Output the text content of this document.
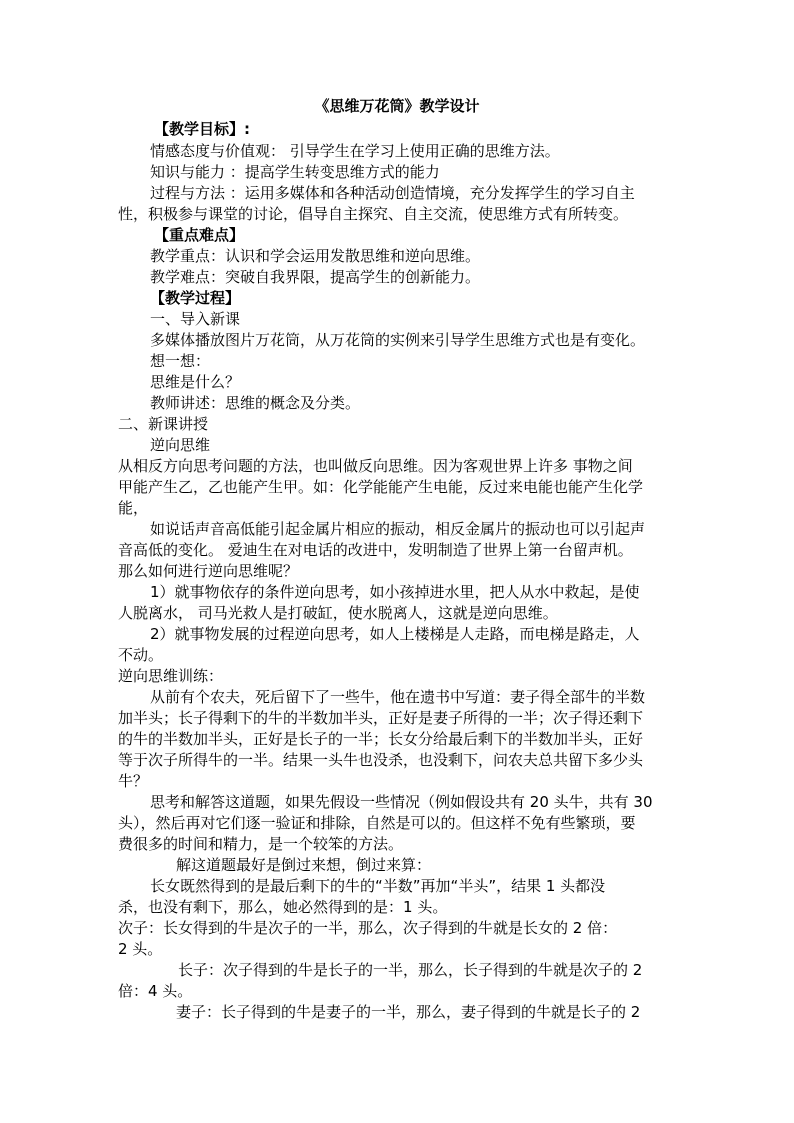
《思维万花筒》教学设计
【教学目标】:
情感态度与价值观： 引导学生在学习上使用正确的思维方法。
知识与能力 ：提高学生转变思维方式的能力
过程与方法 ：运用多媒体和各种活动创造情境，充分发挥学生的学习自主
性，积极参与课堂的讨论，倡导自主探究、自主交流，使思维方式有所转变。
【重点难点】
教学重点：认识和学会运用发散思维和逆向思维。
教学难点：突破自我界限，提高学生的创新能力。
【教学过程】
一、导入新课
多媒体播放图片万花筒，从万花筒的实例来引导学生思维方式也是有变化。
想一想：
思维是什么？
教师讲述：思维的概念及分类。
二、新课讲授
逆向思维
从相反方向思考问题的方法，也叫做反向思维。因为客观世界上许多 事物之间
甲能产生乙，乙也能产生甲。如：化学能能产生电能，反过来电能也能产生化学
能，
如说话声音高低能引起金属片相应的振动，相反金属片的振动也可以引起声
音高低的变化。 爱迪生在对电话的改进中，发明制造了世界上第一台留声机。
那么如何进行逆向思维呢？
1）就事物依存的条件逆向思考，如小孩掉进水里，把人从水中救起，是使
人脱离水， 司马光救人是打破缸，使水脱离人，这就是逆向思维。
2）就事物发展的过程逆向思考，如人上楼梯是人走路，而电梯是路走，人
不动。
逆向思维训练：
从前有个农夫，死后留下了一些牛，他在遗书中写道：妻子得全部牛的半数
加半头；长子得剩下的牛的半数加半头，正好是妻子所得的一半；次子得还剩下
的牛的半数加半头，正好是长子的一半；长女分给最后剩下的半数加半头，正好
等于次子所得牛的一半。结果一头牛也没杀，也没剩下，问农夫总共留下多少头
牛？
思考和解答这道题，如果先假设一些情况（例如假设共有 20 头牛，共有 30
头），然后再对它们逐一验证和排除，自然是可以的。但这样不免有些繁琐，要
费很多的时间和精力，是一个较笨的方法。
解这道题最好是倒过来想，倒过来算：
长女既然得到的是最后剩下的牛的“半数”再加“半头”，结果 1 头都没
杀，也没有剩下，那么，她必然得到的是：1 头。
次子：长女得到的牛是次子的一半，那么，次子得到的牛就是长女的 2 倍：
2 头。
长子：次子得到的牛是长子的一半，那么，长子得到的牛就是次子的 2
倍：4 头。
妻子：长子得到的牛是妻子的一半，那么，妻子得到的牛就是长子的 2
